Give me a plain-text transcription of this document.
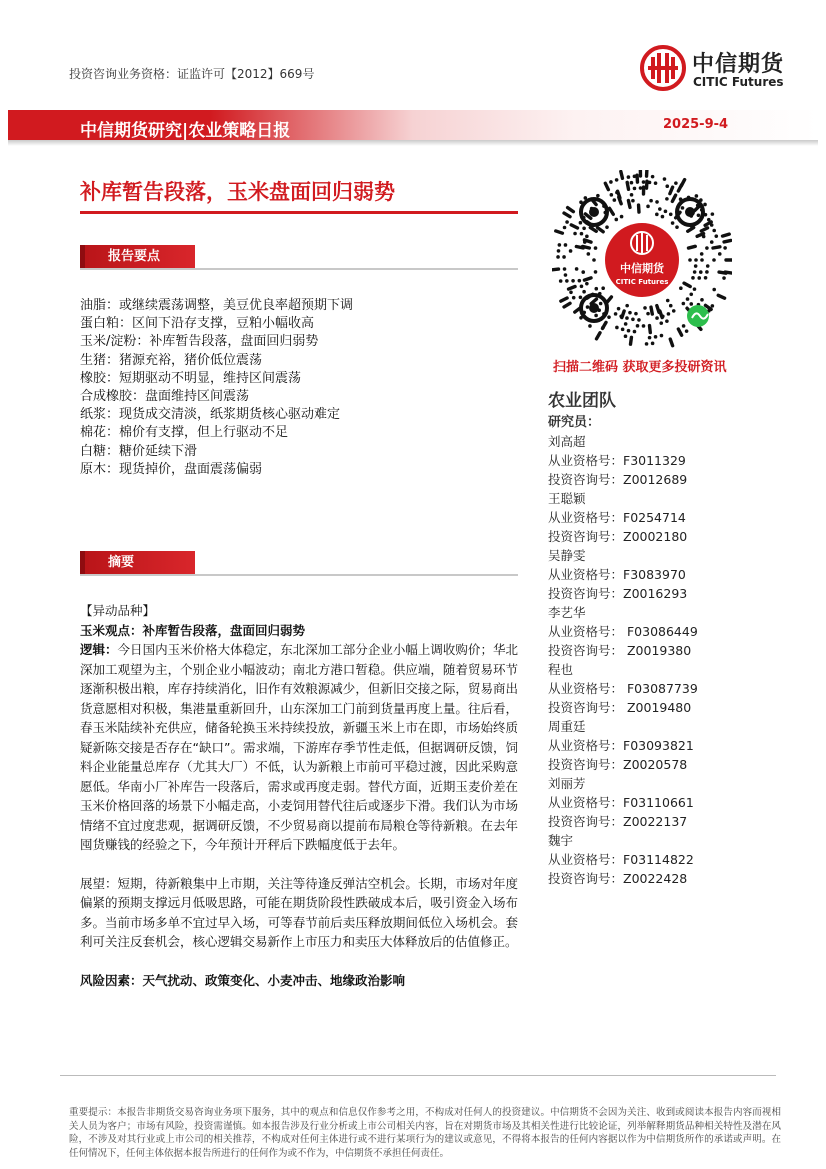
投资咨询业务资格：证监许可【2012】669号	中信期货
CITIC Futures
中信期货研究|农业策略日报	2025-9-4
补库暂告段落，玉米盘面回归弱势
报告要点
油脂：或继续震荡调整，美豆优良率超预期下调
蛋白粕：区间下沿存支撑，豆粕小幅收高
玉米/淀粉：补库暂告段落，盘面回归弱势
生猪：猪源充裕，猪价低位震荡
橡胶：短期驱动不明显，维持区间震荡
合成橡胶：盘面维持区间震荡
纸浆：现货成交清淡，纸浆期货核心驱动难定
棉花：棉价有支撑，但上行驱动不足
白糖：糖价延续下滑
原木：现货掉价，盘面震荡偏弱
摘要

【异动品种】

玉米观点：补库暂告段落，盘面回归弱势

逻辑：今日国内玉米价格大体稳定，东北深加工部分企业小幅上调收购价；华北深加工观望为主，个别企业小幅波动；南北方港口暂稳。供应端，随着贸易环节逐渐积极出粮，库存持续消化，旧作有效粮源减少，但新旧交接之际，贸易商出货意愿相对积极，集港量重新回升，山东深加工门前到货量再度上量。往后看，春玉米陆续补充供应，储备轮换玉米持续投放，新疆玉米上市在即，市场始终质疑新陈交接是否存在“缺口”。需求端，下游库存季节性走低，但据调研反馈，饲料企业能量总库存（尤其大厂）不低，认为新粮上市前可平稳过渡，因此采购意愿低。华南小厂补库告一段落后，需求或再度走弱。替代方面，近期玉麦价差在玉米价格回落的场景下小幅走高，小麦饲用替代往后或逐步下滑。我们认为市场情绪不宜过度悲观，据调研反馈，不少贸易商以提前布局粮仓等待新粮。在去年囤货赚钱的经验之下，今年预计开秤后下跌幅度低于去年。

展望：短期，待新粮集中上市期，关注等待逢反弹沽空机会。长期，市场对年度偏紧的预期支撑远月低吸思路，可能在期货阶段性跌破成本后，吸引资金入场布多。当前市场多单不宜过早入场，可等春节前后卖压释放期间低位入场机会。套利可关注反套机会，核心逻辑交易新作上市压力和卖压大体释放后的估值修正。

风险因素：天气扰动、政策变化、小麦冲击、地缘政治影响

中信期货
CITIC Futures
扫描二维码 获取更多投研资讯
农业团队
研究员：
刘高超
从业资格号：F3011329
投资咨询号：Z0012689
王聪颖
从业资格号：F0254714
投资咨询号：Z0002180
吴静雯
从业资格号：F3083970
投资咨询号：Z0016293
李艺华
从业资格号： F03086449
投资咨询号： Z0019380
程也
从业资格号： F03087739
投资咨询号： Z0019480
周重廷
从业资格号：F03093821
投资咨询号：Z0020578
刘丽芳
从业资格号：F03110661
投资咨询号：Z0022137
魏宇
从业资格号：F03114822
投资咨询号：Z0022428
重要提示：本报告非期货交易咨询业务项下服务，其中的观点和信息仅作参考之用，不构成对任何人的投资建议。中信期货不会因为关注、收到或阅读本报告内容而视相关人员为客户；市场有风险，投资需谨慎。如本报告涉及行业分析或上市公司相关内容，旨在对期货市场及其相关性进行比较论证，列举解释期货品种相关特性及潜在风险，不涉及对其行业或上市公司的相关推荐，不构成对任何主体进行或不进行某项行为的建议或意见，不得将本报告的任何内容据以作为中信期货所作的承诺或声明。在任何情况下，任何主体依据本报告所进行的任何作为或不作为，中信期货不承担任何责任。
